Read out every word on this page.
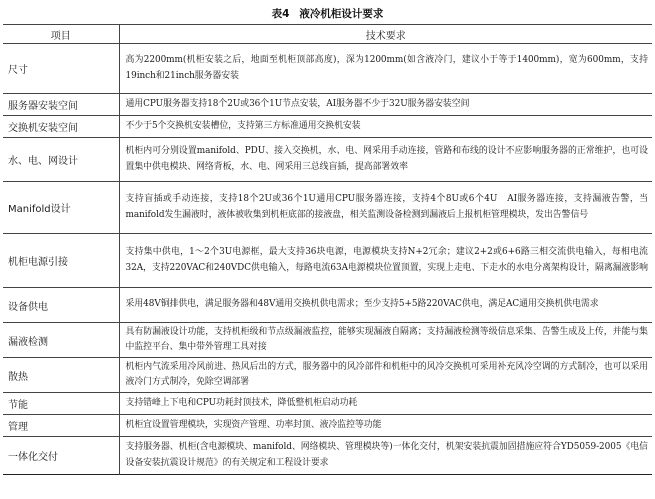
表4 液冷机柜设计要求
项目	技术要求
尺寸	高为2200mm(机柜安装之后，地面至机柜顶部高度)，深为1200mm(如含液冷门，建议小于等于1400mm)，宽为600mm，支持19inch和21inch服务器安装
服务器安装空间	通用CPU服务器支持18个2U或36个1U节点安装，AI服务器不少于32U服务器安装空间
交换机安装空间	不少于5个交换机安装槽位，支持第三方标准通用交换机安装
水、电、网设计	机柜内可分别设置manifold、PDU、接入交换机，水、电、网采用手动连接，管路和布线的设计不应影响服务器的正常维护，也可设置集中供电模块、网络背板，水、电、网采用三总线盲插，提高部署效率
Manifold设计	支持盲插或手动连接，支持18个2U或36个1U通用CPU服务器连接，支持4个8U或6个4U　AI服务器连接，支持漏液告警，当manifold发生漏液时，液体被收集到机柜底部的接液盘，相关监测设备检测到漏液后上报机柜管理模块，发出告警信号
机柜电源引接	支持集中供电，1～2个3U电源框，最大支持36块电源，电源模块支持N+2冗余；建议2+2或6+6路三相交流供电输入，每相电流32A，支持220VAC和240VDC供电输入，每路电流63A电源模块位置顶置，实现上走电、下走水的水电分离架构设计，隔离漏液影响
设备供电	采用48V铜排供电，满足服务器和48V通用交换机供电需求；至少支持5+5路220VAC供电，满足AC通用交换机供电需求
漏液检测	具有防漏液设计功能，支持机柜级和节点级漏液监控，能够实现漏液自隔离；支持漏液检测等级信息采集、告警生成及上传，并能与集中监控平台、集中带外管理工具对接
散热	机柜内气流采用冷风前进、热风后出的方式，服务器中的风冷部件和机柜中的风冷交换机可采用补充风冷空调的方式制冷，也可以采用液冷门方式制冷，免除空调部署
节能	支持错峰上下电和CPU功耗封顶技术，降低整机柜启动功耗
管理	机柜宜设置管理模块，实现资产管理、功率封顶、液冷监控等功能
一体化交付	支持服务器、机柜(含电源模块、manifold、网络模块、管理模块等)一体化交付，机架安装抗震加固措施应符合YD5059-2005《电信设备安装抗震设计规范》的有关规定和工程设计要求
